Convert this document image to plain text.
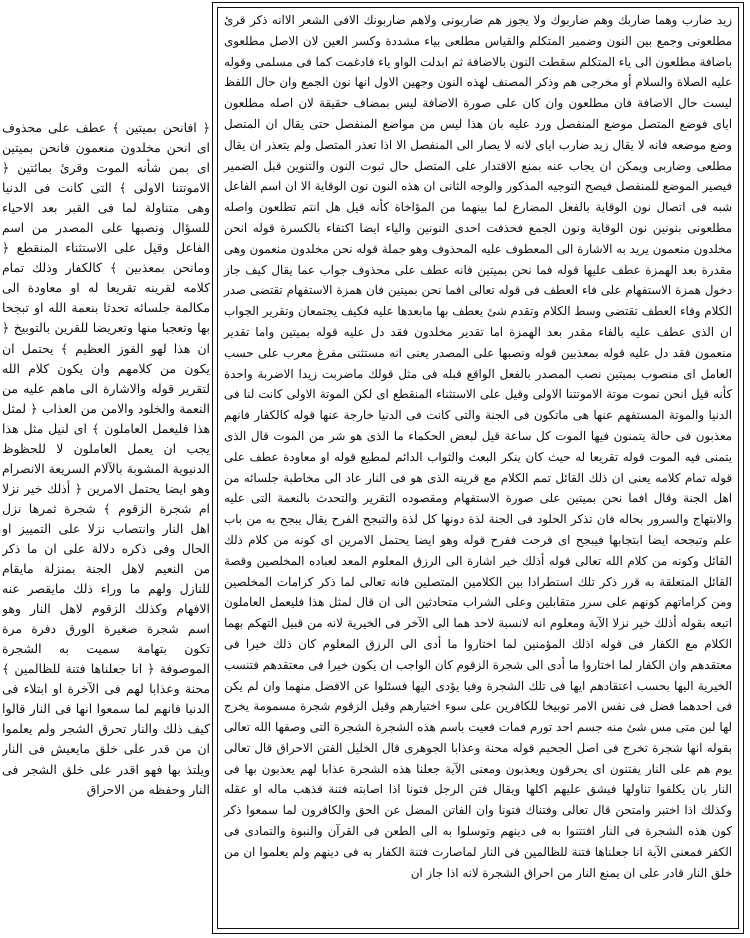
﴿ افانحن بميتين ﴾ عطف على محذوف اى انحن مخلدون منعمون فانحن بميتين اى بمن شأنه الموت وقرئ بمائتين ﴿ الاموتتنا الاولى ﴾ التى كانت فى الدنيا وهى متناولة لما فى القبر بعد الاحياء للسؤال ونصبها على المصدر من اسم الفاعل وقيل على الاستثناء المنقطع ﴿ ومانحن بمعذبين ﴾ كالكفار وذلك تمام كلامه لقرينه تقريعا له او معاودة الى مكالمة جلسائه تحدثا بنعمة الله او تبجحا بها وتعجبا منها وتعريضا للقرين بالتوبيخ ﴿ ان هذا لهو الفوز العظيم ﴾ يحتمل ان يكون من كلامهم وان يكون كلام الله لتقرير قوله والاشارة الى ماهم عليه من النعمة والخلود والامن من العذاب ﴿ لمثل هذا فليعمل العاملون ﴾ اى لنيل مثل هذا يجب ان يعمل العاملون لا للحظوظ الدنيوية المشوبة بالآلام السريعة الانصرام وهو ايضا يحتمل الامرين ﴿ أذلك خير نزلا ام شجرة الزقوم ﴾ شجرة ثمرها نزل اهل النار وانتصاب نزلا على التمييز او الحال وفى ذكره دلالة على ان ما ذكر من النعيم لاهل الجنة بمنزلة مايقام للنازل ولهم ما وراء ذلك مايقصر عنه الافهام وكذلك الزقوم لاهل النار وهو اسم شجرة صغيرة الورق دفرة مرة تكون بتهامة سميت به الشجرة الموصوفة ﴿ انا جعلناها فتنة للظالمين ﴾ محنة وعذابا لهم فى الآخرة او ابتلاء فى الدنيا فانهم لما سمعوا انها فى النار قالوا كيف ذلك والنار تحرق الشجر ولم يعلموا ان من قدر على خلق مايعيش فى النار ويلتذ بها فهو اقدر على خلق الشجر فى النار وحفظه من الاحراق

زيد ضارب وهما ضاربك وهم ضاربوك ولا يجوز هم ضاربونى ولاهم ضاربونك الافى الشعر الاانه ذكر قرئ مطلعونى وجمع بين النون وضمير المتكلم والقياس مطلعى بياء مشددة وكسر العين لان الاصل مطلعوى باضافة مطلعون الى ياء المتكلم سقطت النون بالاضافة ثم ابدلت الواو ياء فادغمت كما فى مسلمى وقوله عليه الصلاة والسلام أو مخرجى هم وذكر المصنف لهذه النون وجهين الاول انها نون الجمع وان حال اللفظ ليست حال الاضافة فان مطلعون وان كان على صورة الاضافة ليس بمضاف حقيقة لان اصله مطلعون اياى فوضع المتصل موضع المنفصل ورد عليه بان هذا ليس من مواضع المنفصل حتى يقال ان المتصل وضع موضعه فانه لا يقال زيد ضارب اياى لانه لا يصار الى المنفصل الا اذا تعذر المتصل ولم يتعذر ان يقال مطلعى وضاربى ويمكن ان يجاب عنه بمنع الاقتدار على المتصل حال ثبوت النون والتنوين قبل الضمير فيصير الموضع للمنفصل فيصح التوجيه المذكور والوجه الثانى ان هذه النون نون الوقاية الا ان اسم الفاعل شبه فى اتصال نون الوقاية بالفعل المضارع لما بينهما من المؤاخاة كأنه قيل هل انتم تطلعون واصله مطلعونى بنونين نون الوقاية ونون الجمع فحذفت احدى النونين والياء ايضا اكتفاء بالكسرة قوله انحن مخلدون منعمون يريد به الاشارة الى المعطوف عليه المحذوف وهو جملة قوله نحن مخلدون منعمون وهى مقدرة بعد الهمزة عطف عليها قوله فما نحن بميتين فانه عطف على محذوف جواب عما يقال كيف جاز دخول همزة الاستفهام على فاء العطف فى قوله تعالى افما نحن بميتين فان همزة الاستفهام تقتضى صدر الكلام وفاء العطف تقتضى وسط الكلام وتقدم شئ يعطف بها مابعدها عليه فكيف يجتمعان وتقرير الجواب ان الذى عطف عليه بالفاء مقدر بعد الهمزة اما تقدير مخلدون فقد دل عليه قوله بميتين واما تقدير منعمون فقد دل عليه قوله بمعذبين قوله ونصبها على المصدر يعنى انه مستثنى مفرغ معرب على حسب العامل اى منصوب بميتين نصب المصدر بالفعل الواقع قبله فى مثل قولك ماضربت زيدا الاضربة واحدة كأنه قيل انحن نموت موتة الاموتتنا الاولى وقيل على الاستثناء المنقطع اى لكن الموتة الاولى كانت لنا فى الدنيا والموتة المستفهم عنها هى ماتكون فى الجنة والتى كانت فى الدنيا خارجة عنها قوله كالكفار فانهم معذبون فى حالة يتمنون فيها الموت كل ساعة قيل لبعض الحكماء ما الذى هو شر من الموت قال الذى يتمنى فيه الموت قوله تقريعا له حيث كان ينكر البعث والثواب الدائم لمطيع قوله او معاودة عطف على قوله تمام كلامه يعنى ان ذلك القائل تمم الكلام مع قرينه الذى هو فى النار عاد الى مخاطبة جلسائه من اهل الجنة وقال افما نحن بميتين على صورة الاستفهام ومقصوده التقرير والتحدث بالنعمة التى عليه والابتهاج والسرور بحاله فان تذكر الحلود فى الجنة لذة دونها كل لذة والتبجح الفرح يقال يبجح به من باب علم وتبجحه ايضا ابتجابها فيبجح اى فرحت ففرح قوله وهو ايضا يحتمل الامرين اى كونه من كلام ذلك القائل وكونه من كلام الله تعالى قوله أذلك خير اشارة الى الرزق المعلوم المعد لعباده المخلصين وقصة القائل المتعلقة به قرر ذكر تلك استطرادا بين الكلامين المتصلين فانه تعالى لما ذكر كرامات المخلصين ومن كراماتهم كونهم على سرر متقابلين وعلى الشراب متحادثين الى ان قال لمثل هذا فليعمل العاملون اتبعه بقوله أذلك خير نزلا الآية ومعلوم انه لانسبة لاحد هما الى الآخر فى الخيرية لانه من قبيل التهكم بهما الكلام مع الكفار فى قوله اذلك المؤمنين لما اختاروا ما أدى الى الرزق المعلوم كان ذلك خيرا فى معتقدهم وان الكفار لما اختاروا ما أدى الى شجرة الزقوم كان الواجب ان يكون خيرا فى معتقدهم فتنسب الخيرية اليها بحسب اعتقادهم ايها فى تلك الشجرة وفيا يؤدى اليها فسئلوا عن الافضل منهما وان لم يكن فى احدهما فضل فى نفس الامر توبيخا للكافرين على سوء اختيارهم وقيل الزقوم شجرة مسمومة يخرج لها لبن متى مس شئ منه جسم احد تورم فمات فعيت باسم هذه الشجرة الشجرة التى وصفها الله تعالى بقوله انها شجرة تخرج فى اصل الجحيم قوله محنة وعذابا الجوهرى قال الخليل الفتن الاحراق قال تعالى يوم هم على النار يفتنون اى يحرقون ويعذبون ومعنى الآية جعلنا هذه الشجرة عذابا لهم يعذبون بها فى النار بان يكلفوا تناولها فيشق عليهم اكلها ويقال فتن الرجل فتونا اذا اصابته فتنة فذهب ماله او عقله وكذلك اذا اختبر وامتحن قال تعالى وفتناك فتونا وان الفاتن المضل عن الحق والكافرون لما سمعوا ذكر كون هذه الشجرة فى النار افتتنوا به فى دينهم وتوسلوا به الى الطعن فى القرآن والنبوة والتمادى فى الكفر فمعنى الآية انا جعلناها فتنة للظالمين فى النار لماصارت فتنة الكفار به فى دينهم ولم يعلموا ان من خلق النار قادر على ان يمنع النار من احراق الشجرة لانه اذا جاز ان
